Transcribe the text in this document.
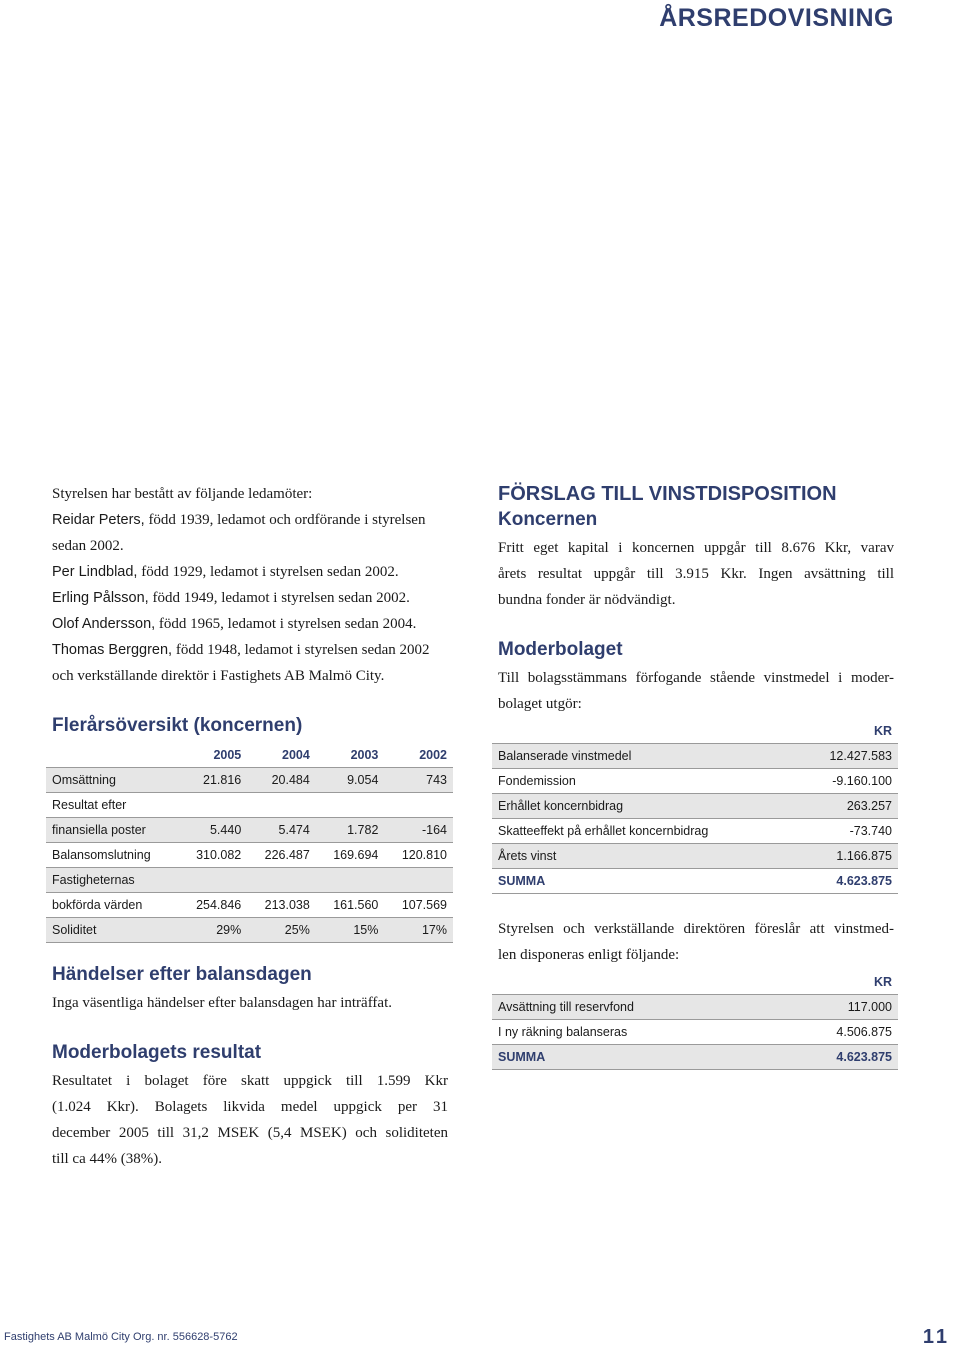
ÅRSREDOVISNING
Styrelsen har bestått av följande ledamöter:
Reidar Peters, född 1939, ledamot och ordförande i styrelsen
sedan 2002.
Per Lindblad, född 1929, ledamot i styrelsen sedan 2002.
Erling Pålsson, född 1949, ledamot i styrelsen sedan 2002.
Olof Andersson, född 1965, ledamot i styrelsen sedan 2004.
Thomas Berggren, född 1948, ledamot i styrelsen sedan 2002
och verkställande direktör i Fastighets AB Malmö City.
Flerårsöversikt (koncernen)
	2005	2004	2003	2002
Omsättning	21.816	20.484	9.054	743
Resultat efter				
finansiella poster	5.440	5.474	1.782	-164
Balansomslutning	310.082	226.487	169.694	120.810
Fastigheternas				
bokförda värden	254.846	213.038	161.560	107.569
Soliditet	29%	25%	15%	17%
Händelser efter balansdagen
Inga väsentliga händelser efter balansdagen har inträffat.
Moderbolagets resultat
Resultatet i bolaget före skatt uppgick till 1.599 Kkr
(1.024 Kkr). Bolagets likvida medel uppgick per 31
december 2005 till 31,2 MSEK (5,4 MSEK) och soliditeten
till ca 44% (38%).
FÖRSLAG TILL VINSTDISPOSITION
Koncernen
Fritt eget kapital i koncernen uppgår till 8.676 Kkr, varav
årets resultat uppgår till 3.915 Kkr. Ingen avsättning till
bundna fonder är nödvändigt.
Moderbolaget
Till bolagsstämmans förfogande stående vinstmedel i moder-
bolaget utgör:
	KR
Balanserade vinstmedel	12.427.583
Fondemission	-9.160.100
Erhållet koncernbidrag	263.257
Skatteeffekt på erhållet koncernbidrag	-73.740
Årets vinst	1.166.875
SUMMA	4.623.875
Styrelsen och verkställande direktören föreslår att vinstmed-
len disponeras enligt följande:
	KR
Avsättning till reservfond	117.000
I ny räkning balanseras	4.506.875
SUMMA	4.623.875
Fastighets AB Malmö City Org. nr. 556628-5762	11
